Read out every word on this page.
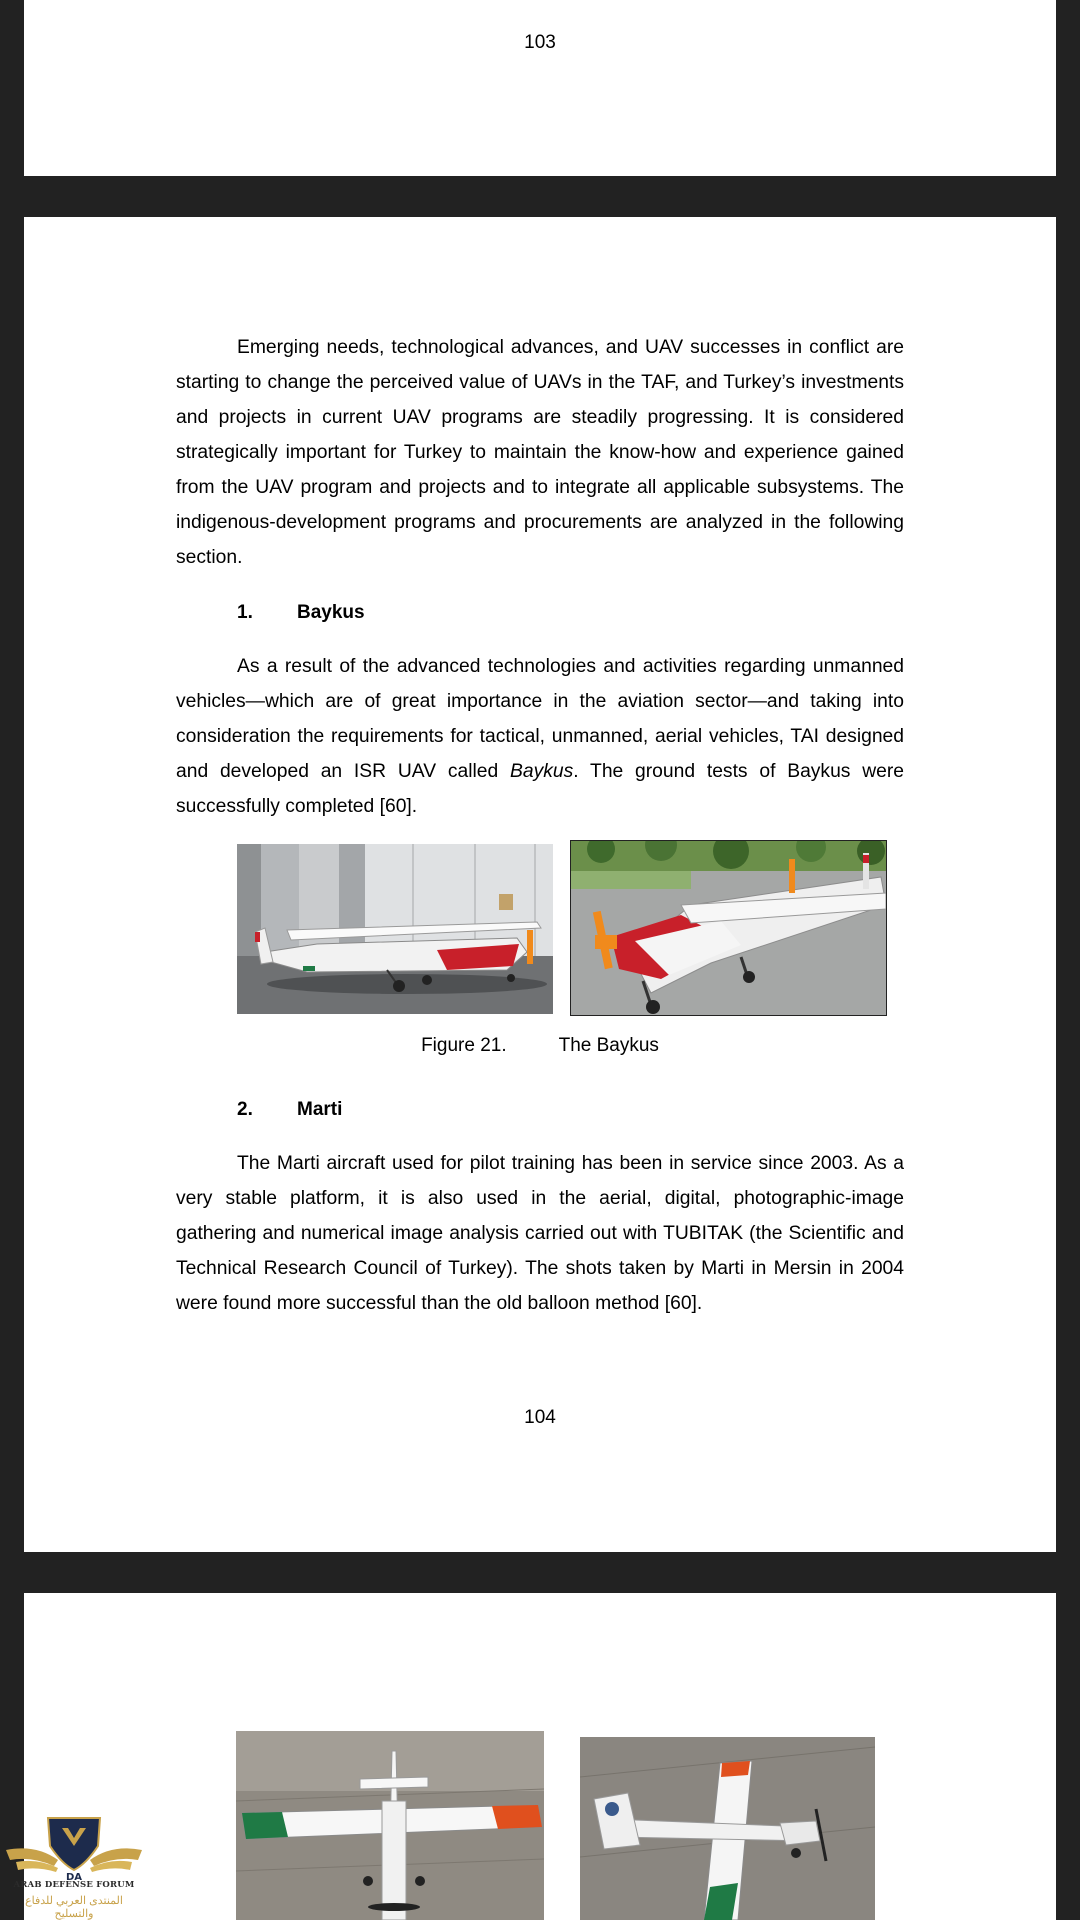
103

Emerging needs, technological advances, and UAV successes in conflict are starting to change the perceived value of UAVs in the TAF, and Turkey’s investments and projects in current UAV programs are steadily progressing. It is considered strategically important for Turkey to maintain the know-how and experience gained from the UAV program and projects and to integrate all applicable subsystems. The indigenous-development programs and procurements are analyzed in the following section.

1. Baykus

As a result of the advanced technologies and activities regarding unmanned vehicles—which are of great importance in the aviation sector—and taking into consideration the requirements for tactical, unmanned, aerial vehicles, TAI designed and developed an ISR UAV called Baykus. The ground tests of Baykus were successfully completed [60].

Figure 21.	The Baykus
2. Marti

The Marti aircraft used for pilot training has been in service since 2003. As a very stable platform, it is also used in the aerial, digital, photographic-image gathering and numerical image analysis carried out with TUBITAK (the Scientific and Technical Research Council of Turkey). The shots taken by Marti in Mersin in 2004 were found more successful than the old balloon method [60].

104
DA
ARAB DEFENSE FORUM
المنتدى العربي للدفاع والتسليح
